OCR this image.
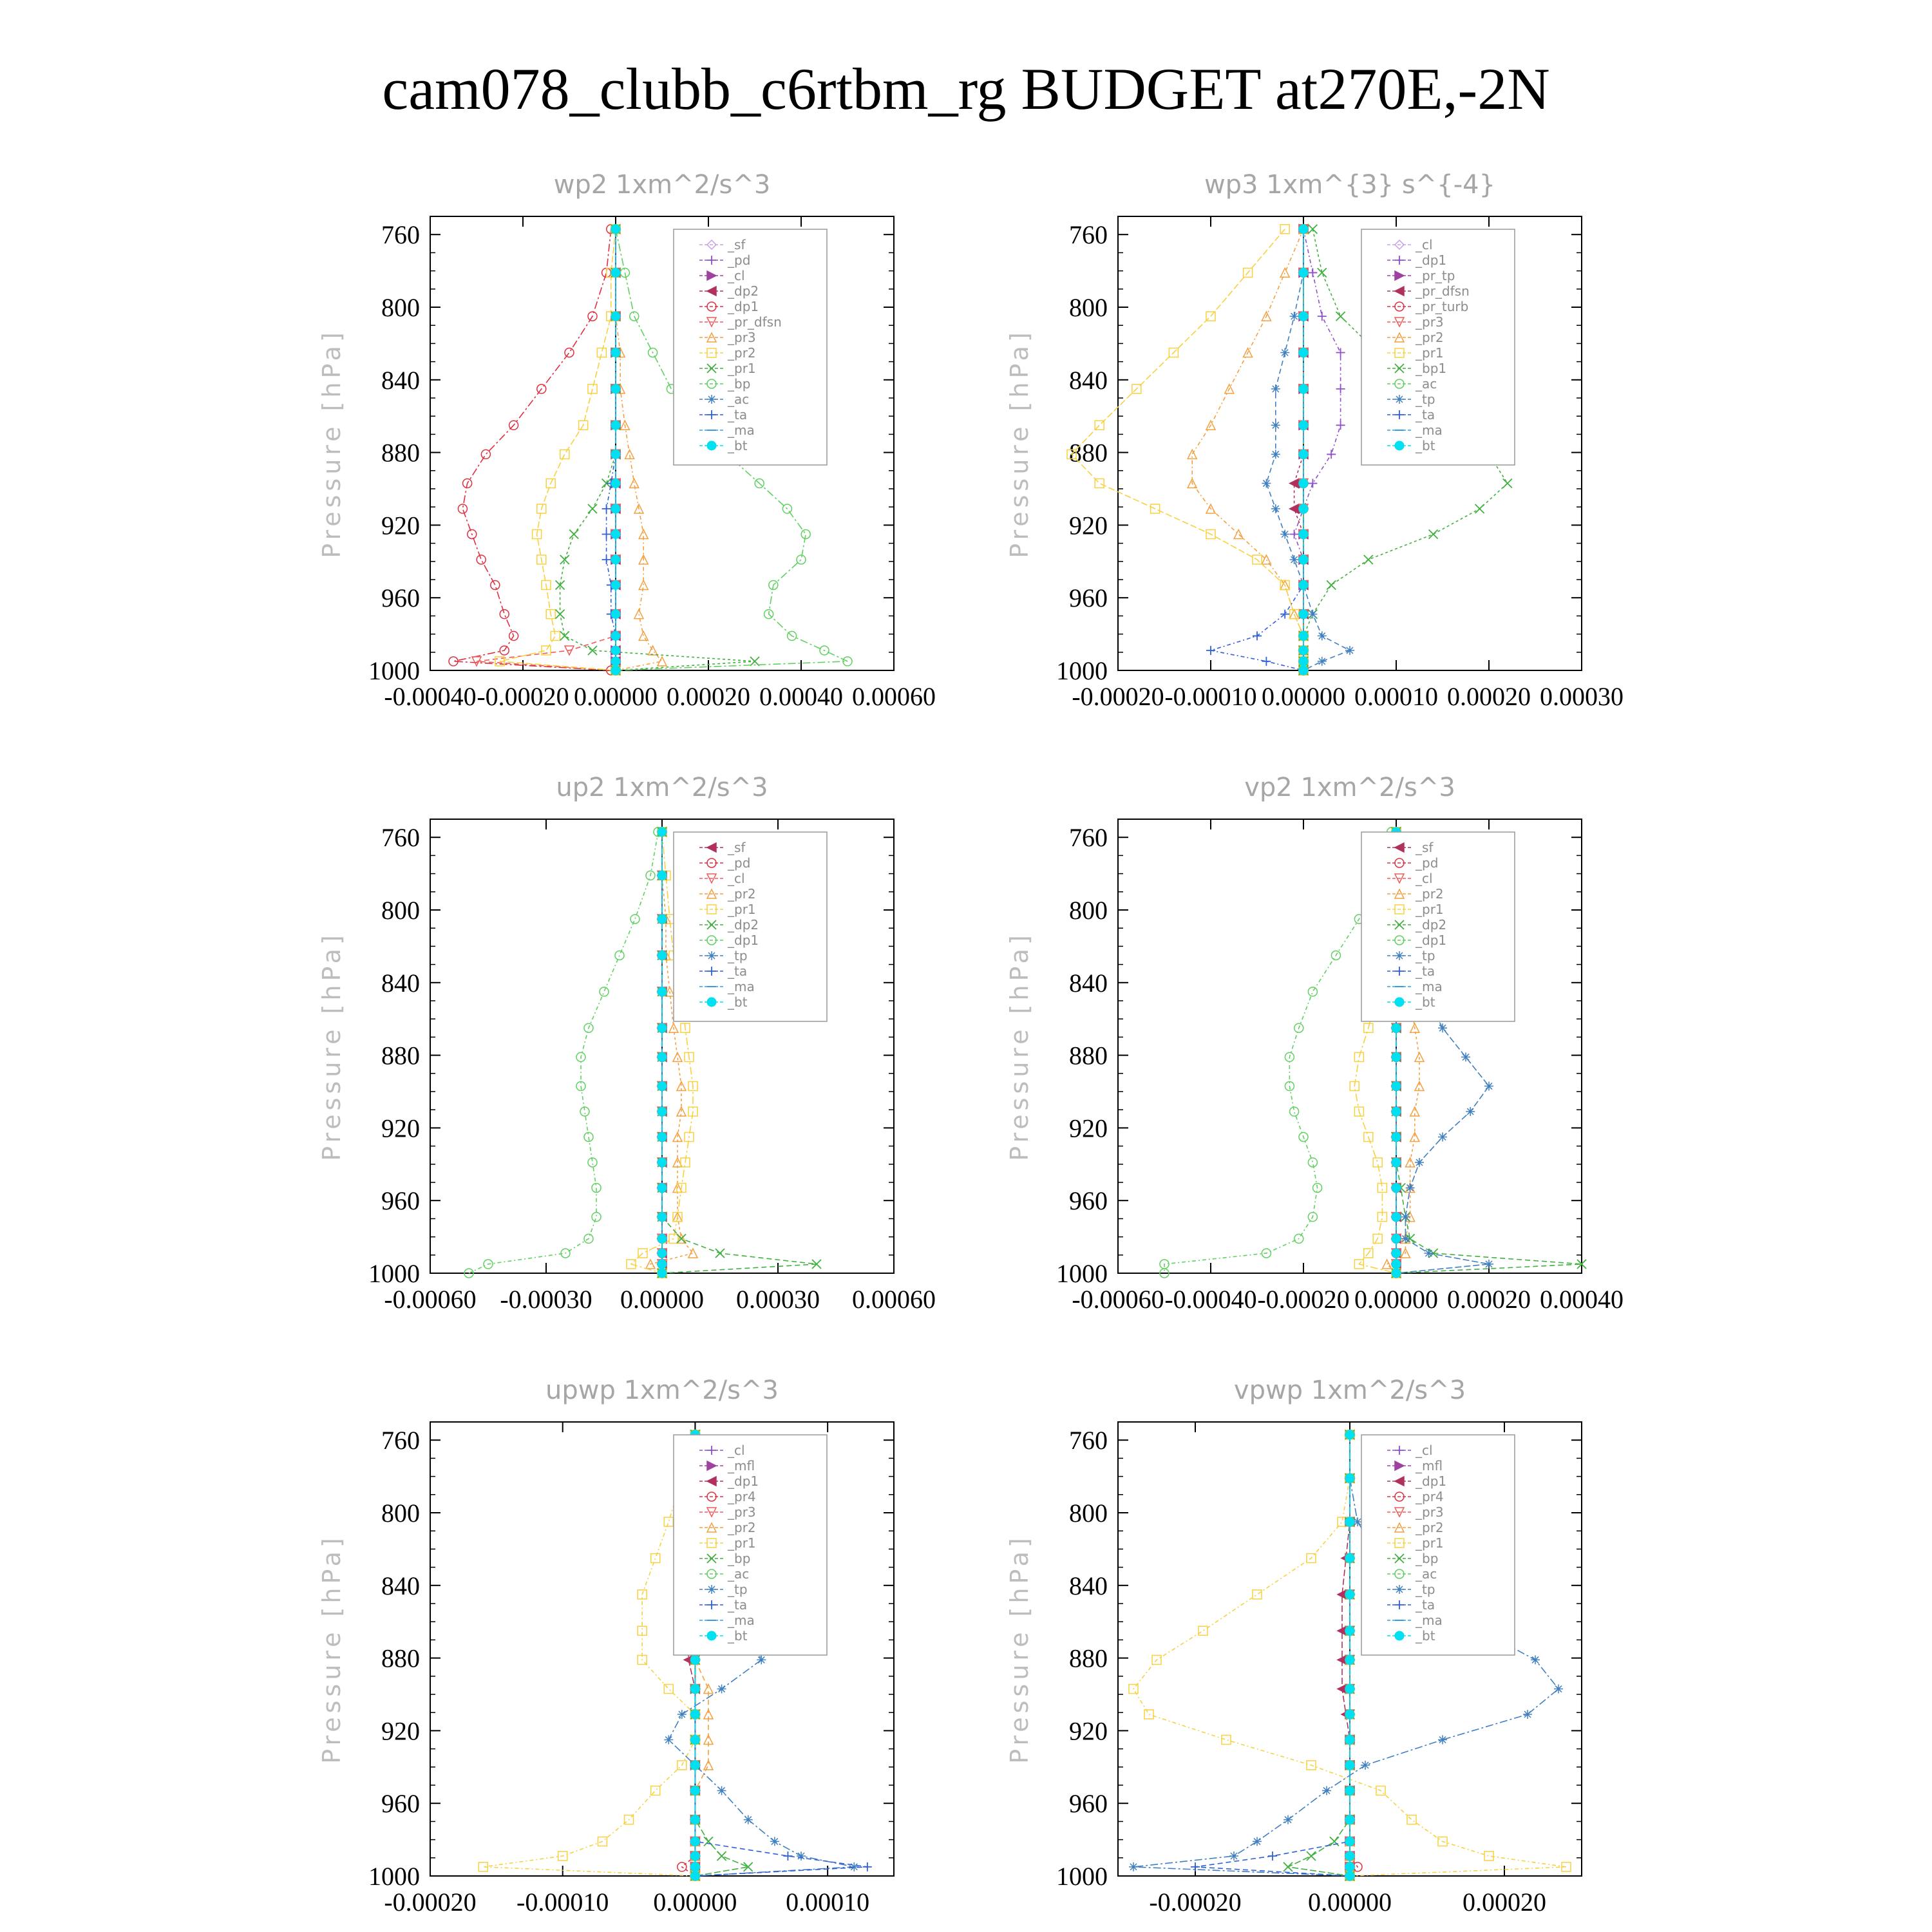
cam078_clubb_c6rtbm_rg BUDGET at270E,-2N
wp2 1xm^2/s^3
Pressure [hPa]
760
800
840
880
920
960
1000
-0.00040 -0.00020 0.00000 0.00020 0.00040 0.00060
_sf
_pd
_cl
_dp2
_dp1
_pr_dfsn
_pr3
_pr2
_pr1
_bp
_ac
_ta
_ma
_bt
wp3 1xm^{3} s^{-4}
Pressure [hPa]
760
800
840
880
920
960
1000
-0.00020 -0.00010 0.00000 0.00010 0.00020 0.00030
_cl
_dp1
_pr_tp
_pr_dfsn
_pr_turb
_pr3
_pr2
_pr1
_bp1
_ac
_tp
_ta
_ma
_bt
up2 1xm^2/s^3
Pressure [hPa]
760
800
840
880
920
960
1000
-0.00060 -0.00030 0.00000 0.00030 0.00060
_sf
_pd
_cl
_pr2
_pr1
_dp2
_dp1
_tp
_ta
_ma
_bt
vp2 1xm^2/s^3
Pressure [hPa]
760
800
840
880
920
960
1000
-0.00060 -0.00040 -0.00020 0.00000 0.00020 0.00040
_sf
_pd
_cl
_pr2
_pr1
_dp2
_dp1
_tp
_ta
_ma
_bt
upwp 1xm^2/s^3
Pressure [hPa]
760
800
840
880
920
960
1000
-0.00020 -0.00010 0.00000 0.00010
_cl
_mfl
_dp1
_pr4
_pr3
_pr2
_pr1
_bp
_ac
_tp
_ta
_ma
_bt
vpwp 1xm^2/s^3
Pressure [hPa]
760
800
840
880
920
960
1000
-0.00020	0.00000	0.00020
_cl
_mfl
_dp1
_pr4
_pr3
_pr2
_pr1
_bp
_ac
_tp
_ta
_ma
_bt
